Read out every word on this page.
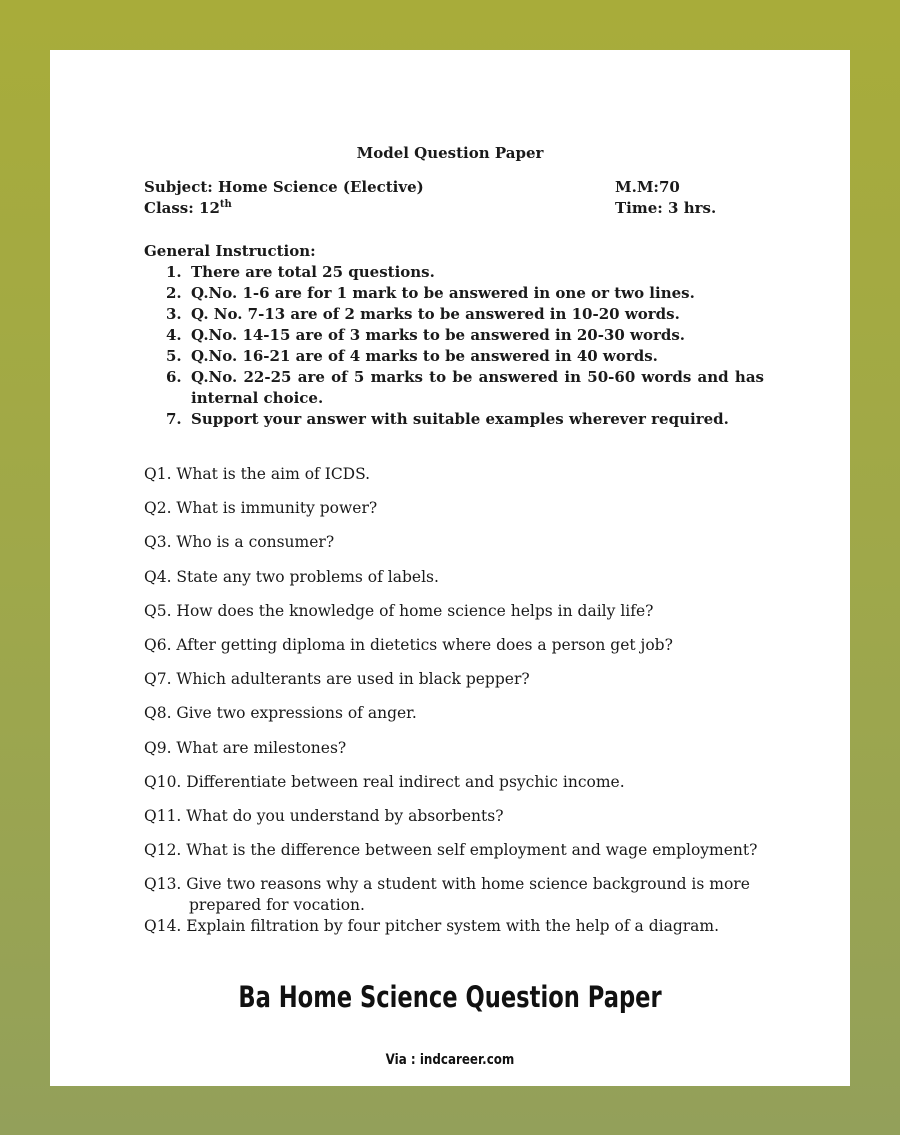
Model Question Paper
Subject: Home Science (Elective)	M.M:70
Class: 12th	Time: 3 hrs.
General Instruction:
1. There are total 25 questions.
2. Q.No. 1-6 are for 1 mark to be answered in one or two lines.
3. Q. No. 7-13 are of 2 marks to be answered in 10-20 words.
4. Q.No. 14-15 are of 3 marks to be answered in 20-30 words.
5. Q.No. 16-21 are of 4 marks to be answered in 40 words.
6. Q.No. 22-25 are of 5 marks to be answered in 50-60 words and has internal choice.
7. Support your answer with suitable examples wherever required.
Q1. What is the aim of ICDS.
Q2. What is immunity power?
Q3. Who is a consumer?
Q4. State any two problems of labels.
Q5. How does the knowledge of home science helps in daily life?
Q6. After getting diploma in dietetics where does a person get job?
Q7. Which adulterants are used in black pepper?
Q8. Give two expressions of anger.
Q9. What are milestones?
Q10. Differentiate between real indirect and psychic income.
Q11. What do you understand by absorbents?
Q12. What is the difference between self employment and wage employment?
Q13. Give two reasons why a student with home science background is more prepared for vocation.
Q14. Explain filtration by four pitcher system with the help of a diagram.
Ba Home Science Question Paper
Via : indcareer.com
